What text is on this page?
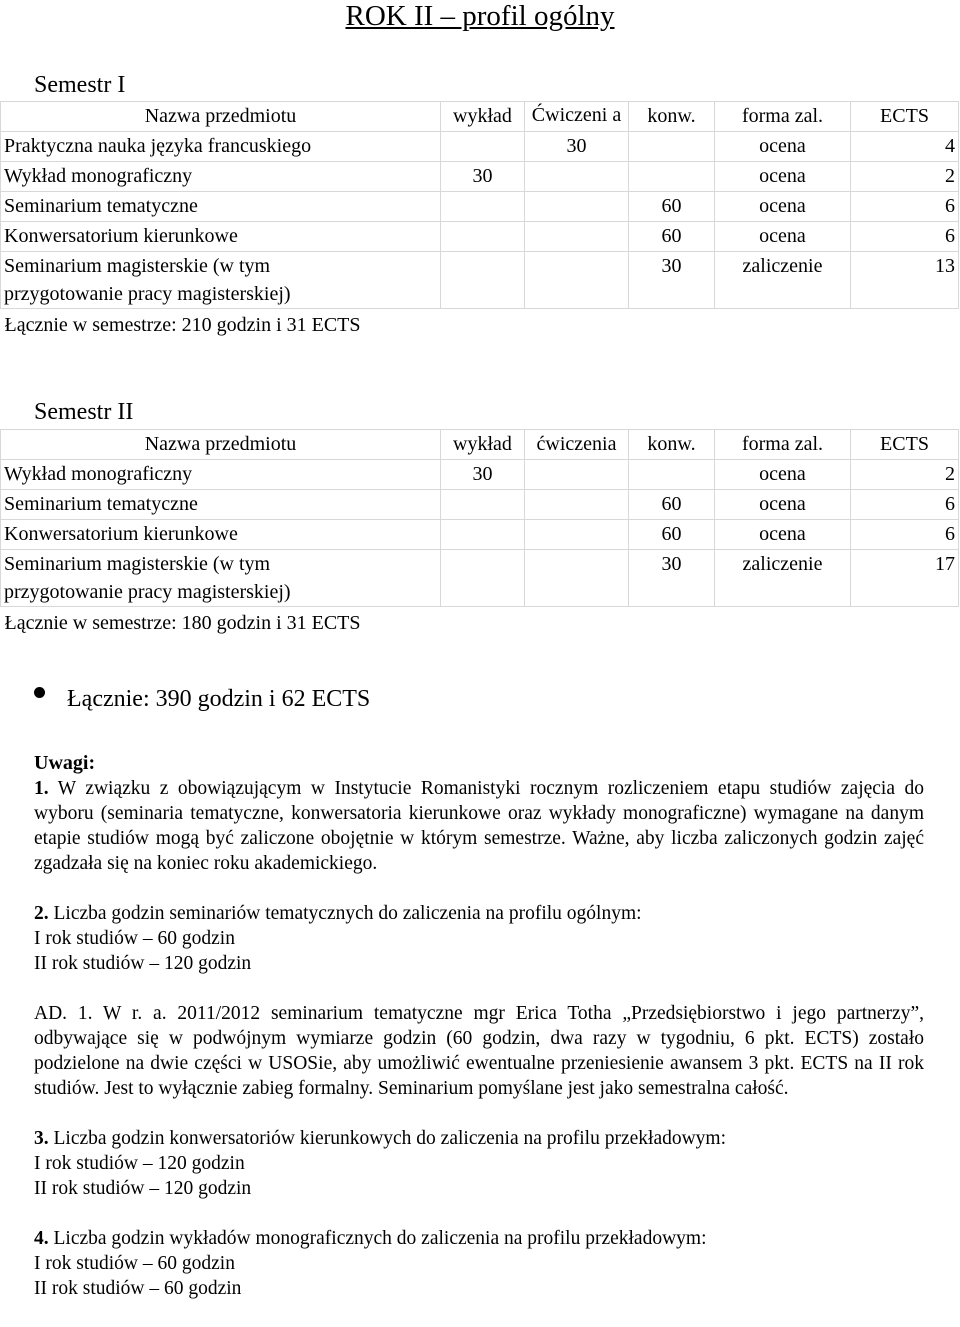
ROK II – profil ogólny
Semestr I
Nazwa przedmiotu	wykład	Ćwiczeni a	konw.	forma zal.	ECTS
Praktyczna nauka języka francuskiego		30		ocena	4
Wykład monograficzny	30			ocena	2
Seminarium tematyczne			60	ocena	6
Konwersatorium kierunkowe			60	ocena	6
Seminarium magisterskie (w tym przygotowanie pracy magisterskiej)			30	zaliczenie	13
Łącznie w semestrze: 210 godzin i 31 ECTS					
Semestr II
Nazwa przedmiotu	wykład	ćwiczenia	konw.	forma zal.	ECTS
Wykład monograficzny	30			ocena	2
Seminarium tematyczne			60	ocena	6
Konwersatorium kierunkowe			60	ocena	6
Seminarium magisterskie (w tym przygotowanie pracy magisterskiej)			30	zaliczenie	17
Łącznie w semestrze: 180 godzin i 31 ECTS					
Łącznie: 390 godzin i 62 ECTS

Uwagi:

1. W związku z obowiązującym w Instytucie Romanistyki rocznym rozliczeniem etapu studiów zajęcia do wyboru (seminaria tematyczne, konwersatoria kierunkowe oraz wykłady monograficzne) wymagane na danym etapie studiów mogą być zaliczone obojętnie w którym semestrze. Ważne, aby liczba zaliczonych godzin zajęć zgadzała się na koniec roku akademickiego.

2. Liczba godzin seminariów tematycznych do zaliczenia na profilu ogólnym:

I rok studiów – 60 godzin

II rok studiów – 120 godzin

AD. 1. W r. a. 2011/2012 seminarium tematyczne mgr Erica Totha „Przedsiębiorstwo i jego partnerzy”, odbywające się w podwójnym wymiarze godzin (60 godzin, dwa razy w tygodniu, 6 pkt. ECTS) zostało podzielone na dwie części w USOSie, aby umożliwić ewentualne przeniesienie awansem 3 pkt. ECTS na II rok studiów. Jest to wyłącznie zabieg formalny. Seminarium pomyślane jest jako semestralna całość.

3. Liczba godzin konwersatoriów kierunkowych do zaliczenia na profilu przekładowym:

I rok studiów – 120 godzin

II rok studiów – 120 godzin

4. Liczba godzin wykładów monograficznych do zaliczenia na profilu przekładowym:

I rok studiów – 60 godzin

II rok studiów – 60 godzin
